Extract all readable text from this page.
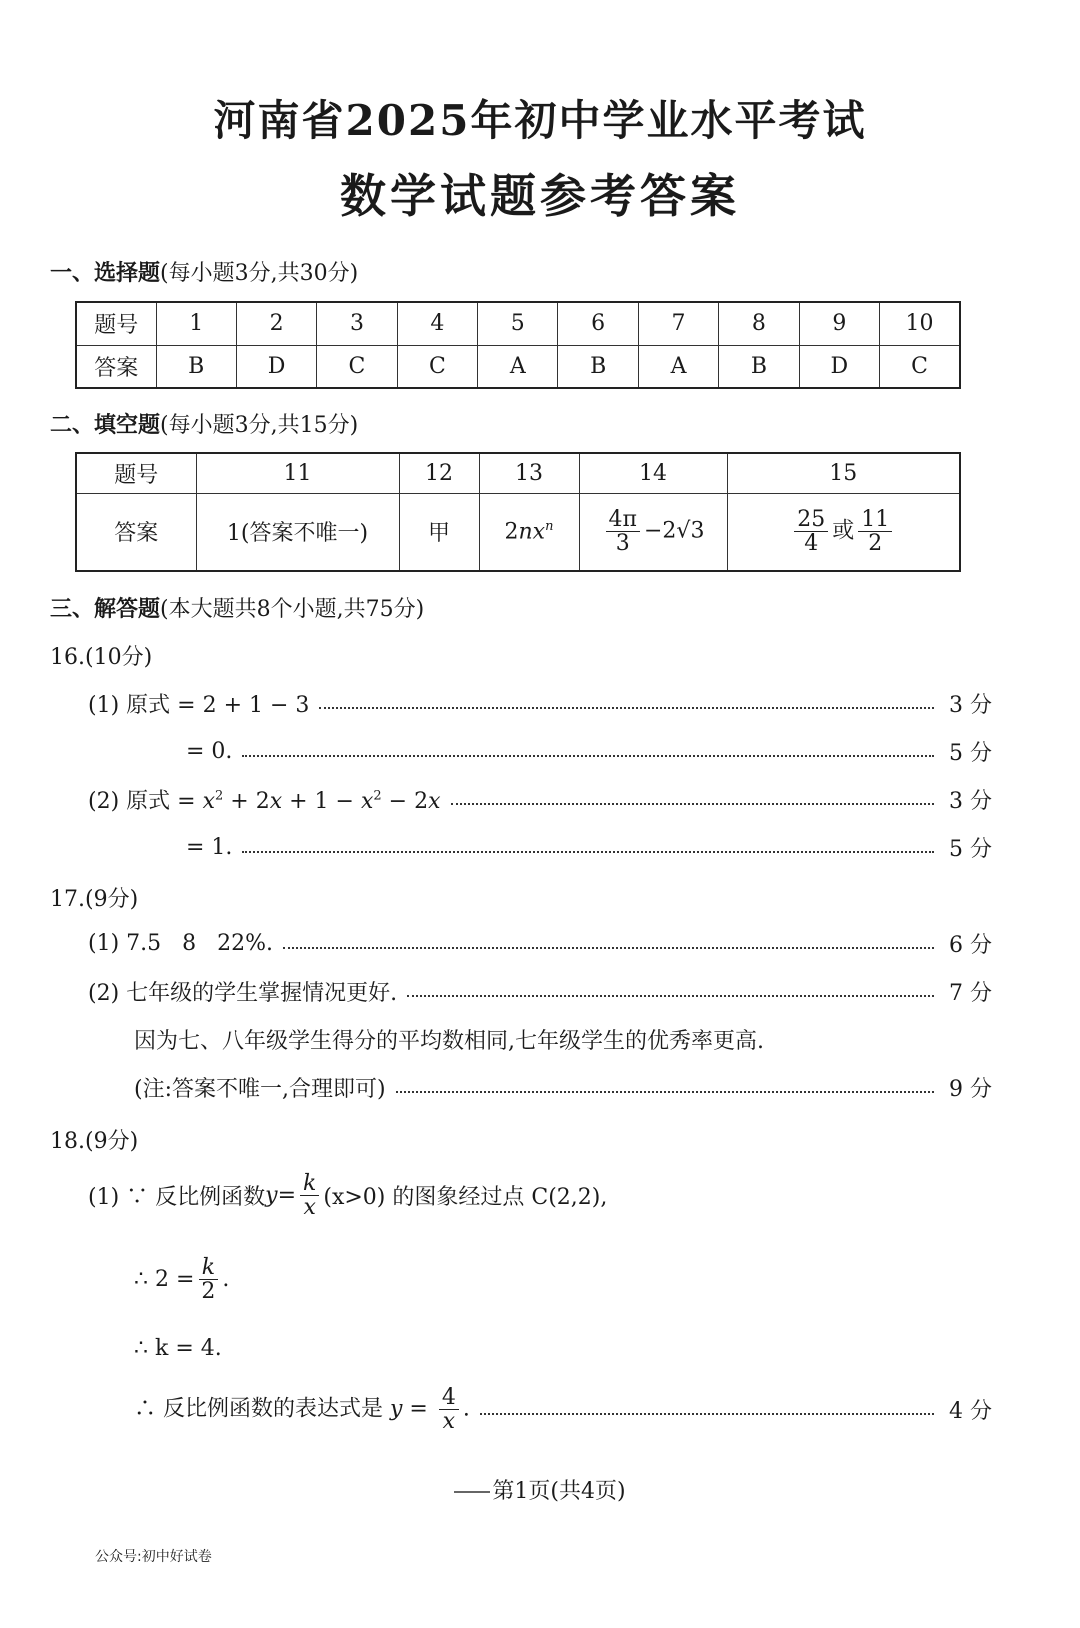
河南省2025年初中学业水平考试
数学试题参考答案
一、选择题(每小题3分,共30分)
题号	1	2	3	4	5	6	7	8	9	10
答案	B	D	C	C	A	B	A	B	D	C
二、填空题(每小题3分,共15分)
题号	11	12	13	14	15
答案	1(答案不唯一)	甲	$2nx^n$	$\frac{4\pi}{3} -2√3$	$\frac{25}{4}$ 或 $\frac{11}{2}$
三、解答题(本大题共8个小题,共75分)
16.(10分)
(1) 原式 = 2 + 1 − 3	3 分
= 0.	5 分
(2) 原式 = $x^2 + 2x + 1 - x^2 - 2x$	3 分
= 1.	5 分
17.(9分)
(1) 7.5   8   22%.	6 分
(2) 七年级的学生掌握情况更好.	7 分
因为七、八年级学生得分的平均数相同,七年级学生的优秀率更高.
(注:答案不唯一,合理即可)	9 分
18.(9分)
(1) ∵ 反比例函数 $y = \frac{k}{x} (x>0)$ 的图象经过点 C(2,2),
∴ $2 = \frac{k}{2}$ .
∴ k = 4.
∴ 反比例函数的表达式是 $y = \frac{4}{x}$ .	4 分
第1页(共4页)
公众号:初中好试卷
